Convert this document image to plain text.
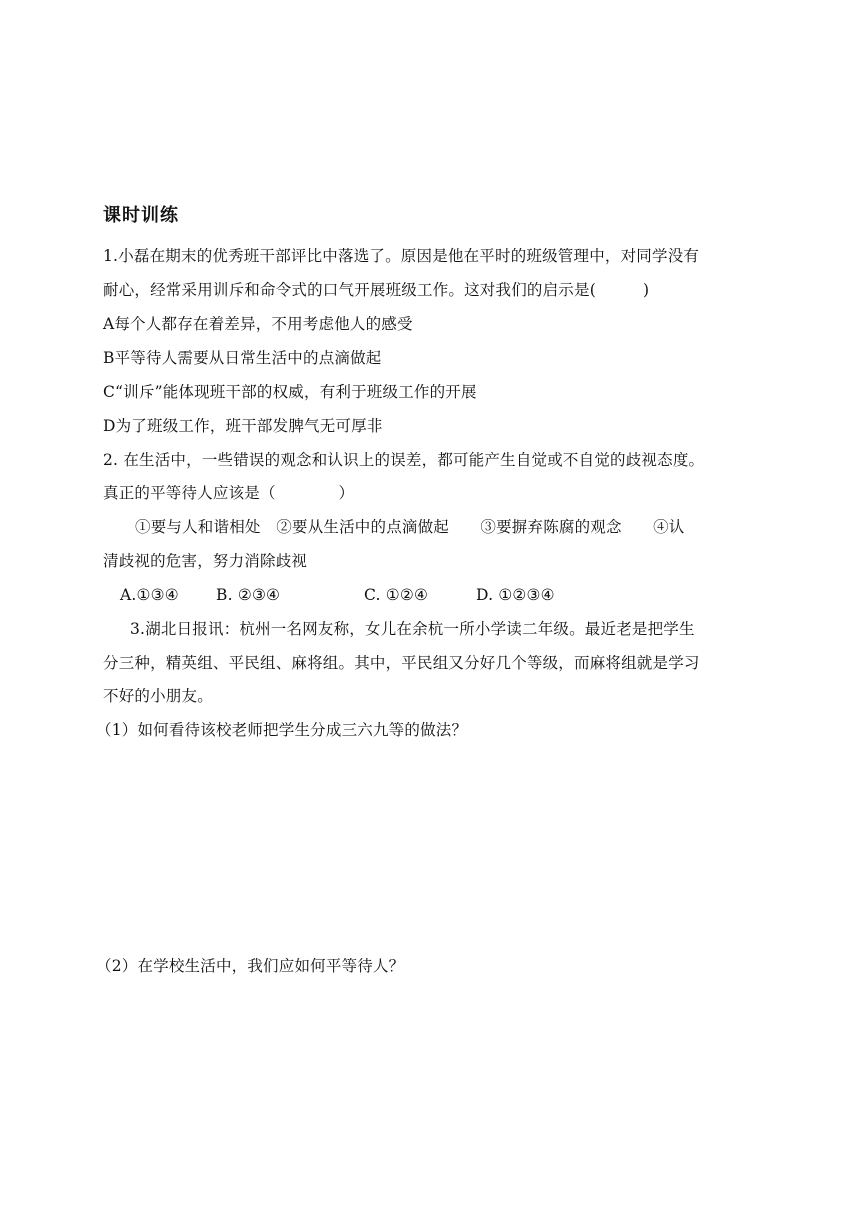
课时训练
1.小磊在期末的优秀班干部评比中落选了。原因是他在平时的班级管理中，对同学没有
耐心，经常采用训斥和命令式的口气开展班级工作。这对我们的启示是(　　　)
A每个人都存在着差异，不用考虑他人的感受
B平等待人需要从日常生活中的点滴做起
C“训斥”能体现班干部的权威，有利于班级工作的开展
D为了班级工作，班干部发脾气无可厚非
2. 在生活中，一些错误的观念和认识上的误差，都可能产生自觉或不自觉的歧视态度。
真正的平等待人应该是（　　　　）
①要与人和谐相处　②要从生活中的点滴做起　　③要摒弃陈腐的观念　　④认
清歧视的危害，努力消除歧视
A.①③④ B. ②③④	C. ①②④	D. ①②③④
3.湖北日报讯：杭州一名网友称，女儿在余杭一所小学读二年级。最近老是把学生
分三种，精英组、平民组、麻将组。其中，平民组又分好几个等级，而麻将组就是学习
不好的小朋友。
（1）如何看待该校老师把学生分成三六九等的做法？
（2）在学校生活中，我们应如何平等待人？
